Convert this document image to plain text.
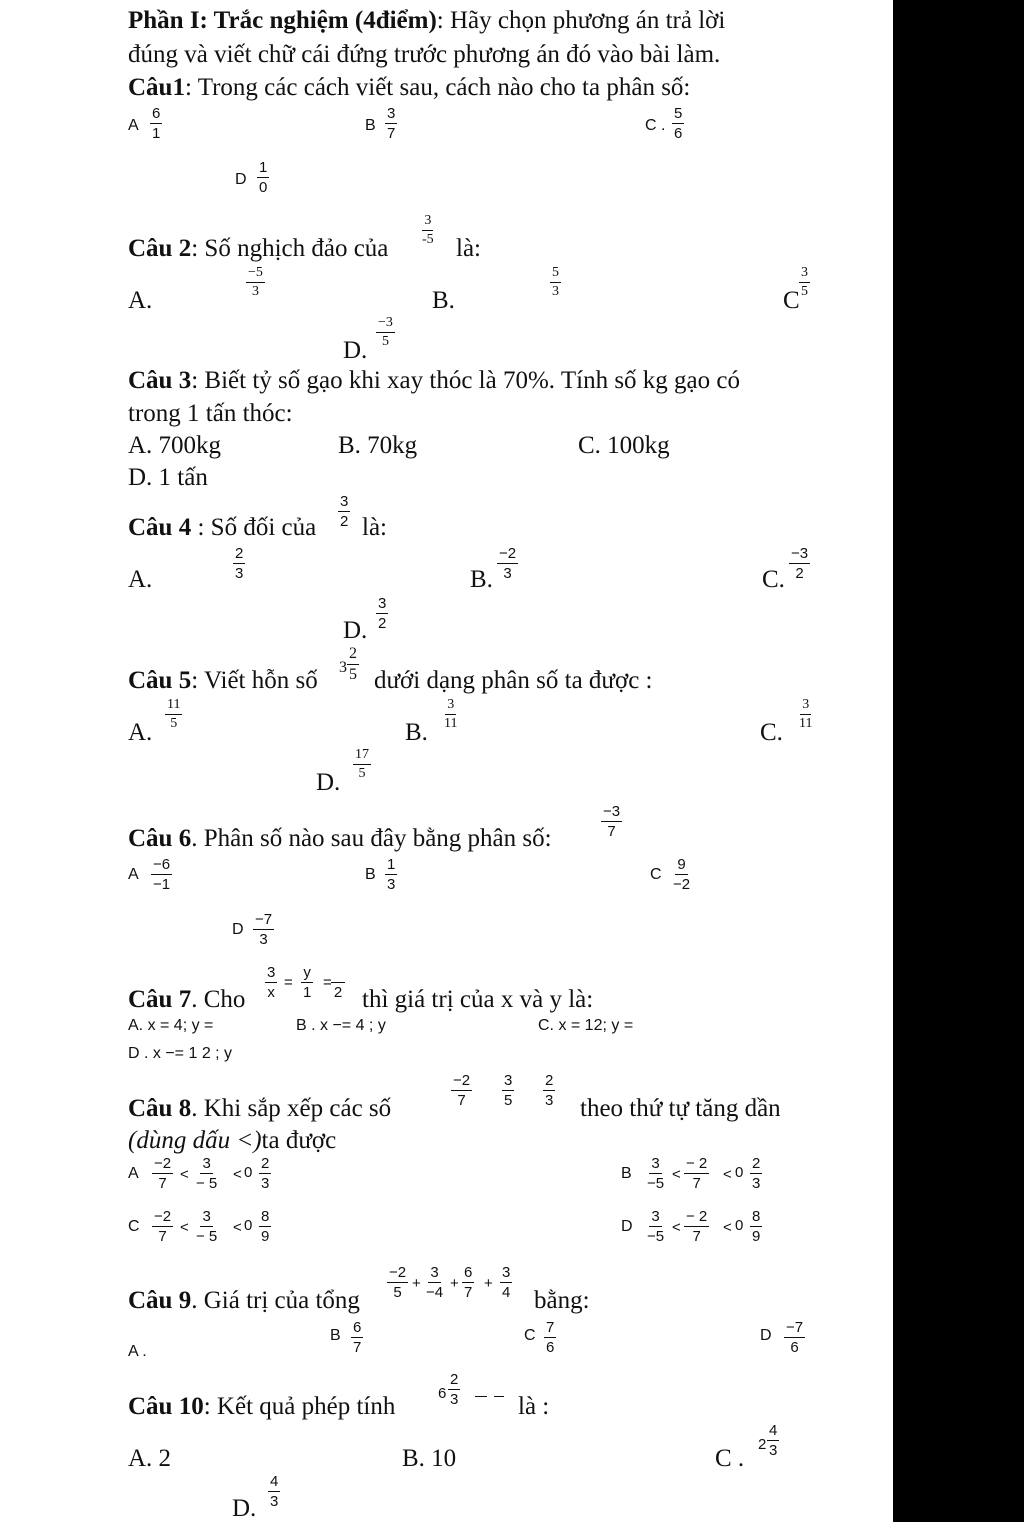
Phần I: Trắc nghiệm (4điểm): Hãy chọn phương án trả lời
đúng và viết chữ cái đứng trước phương án đó vào bài làm.
Câu1: Trong các cách viết sau, cách nào cho ta phân số:
A
6
1	B
3
7	C .
5
6
D
1
0
Câu 2: Số nghịch đảo của
3
-5 là:
A.
−5
3	B.
5
3	C
3
5
D.
−3
5
Câu 3: Biết tỷ số gạo khi xay thóc là 70%. Tính số kg gạo có
trong 1 tấn thóc:
A. 700kg	B. 70kg	C. 100kg
D. 1 tấn
Câu 4 : Số đối của
3
2 là:
A.
2
3	B.
−2
3	C.
−3
2
D.
3
2
Câu 5: Viết hỗn số 3
2
5 dưới dạng phân số ta được :
A.
11
5	B.
3
11	C.
3
11
D.
17
5
Câu 6. Phân số nào sau đây bằng phân số:
−3
7
A
−6
−1
B
1
3
C
9
−2
D
−7
3
Câu 7. Cho
3
x
=
y
1
=
2 thì giá trị của x và y là:
A. x = 4; y =	B . x −= 4 ; y	C. x = 12; y =
D . x −= 1 2 ; y
Câu 8. Khi sắp xếp các số
−2
7
3
5
2
3 theo thứ tự tăng dần
(dùng dấu <)ta được
A
−2
7
<
3
− 5
< 0
2
3
B
3
−5
<
− 2
7
< 0
2
3
C
−2
7
<
3
− 5
< 0
8
9
D
3
−5
<
− 2
7
< 0
8
9
Câu 9. Giá trị của tổng
−2
5
+
3
−4
+
6
7
+
3
4 bằng:
A .
B 6
7
C 7
6
D −7
6
Câu 10: Kết quả phép tính	6
2
3 là :
A. 2	B. 10	C .
2
4
3
D.
4
3
